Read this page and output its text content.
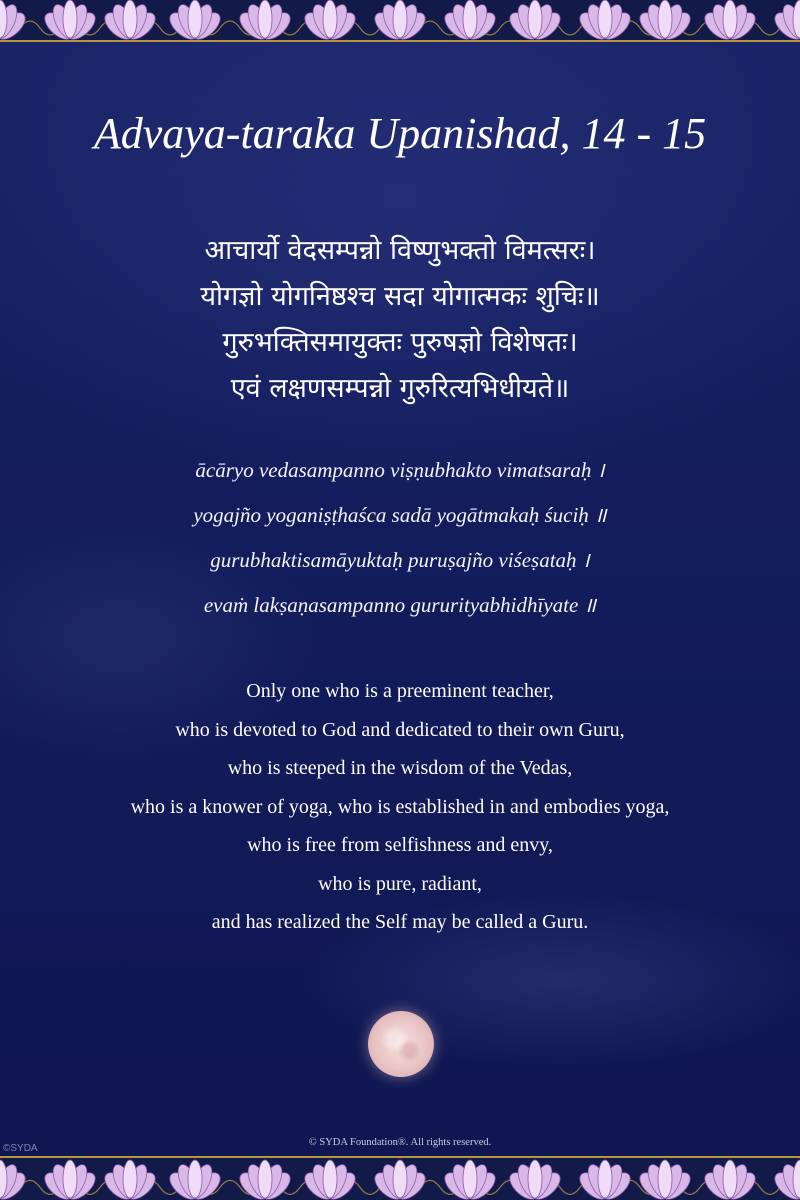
Advaya-taraka Upanishad, 14 - 15
आचार्यो वेदसम्पन्नो विष्णुभक्तो विमत्सरः।
योगज्ञो योगनिष्ठश्च सदा योगात्मकः शुचिः॥
गुरुभक्तिसमायुक्तः पुरुषज्ञो विशेषतः।
एवं लक्षणसम्पन्नो गुरुरित्यभिधीयते॥
ācāryo vedasampanno viṣṇubhakto vimatsaraḥ ।
yogajño yoganiṣṭhaśca sadā yogātmakaḥ śuciḥ ॥
gurubhaktisamāyuktaḥ puruṣajño viśeṣataḥ ।
evaṁ lakṣaṇasampanno gururityabhidhīyate ॥
Only one who is a preeminent teacher,
who is devoted to God and dedicated to their own Guru,
who is steeped in the wisdom of the Vedas,
who is a knower of yoga, who is established in and embodies yoga,
who is free from selfishness and envy,
who is pure, radiant,
and has realized the Self may be called a Guru.
© SYDA Foundation®. All rights reserved.
©SYDA
